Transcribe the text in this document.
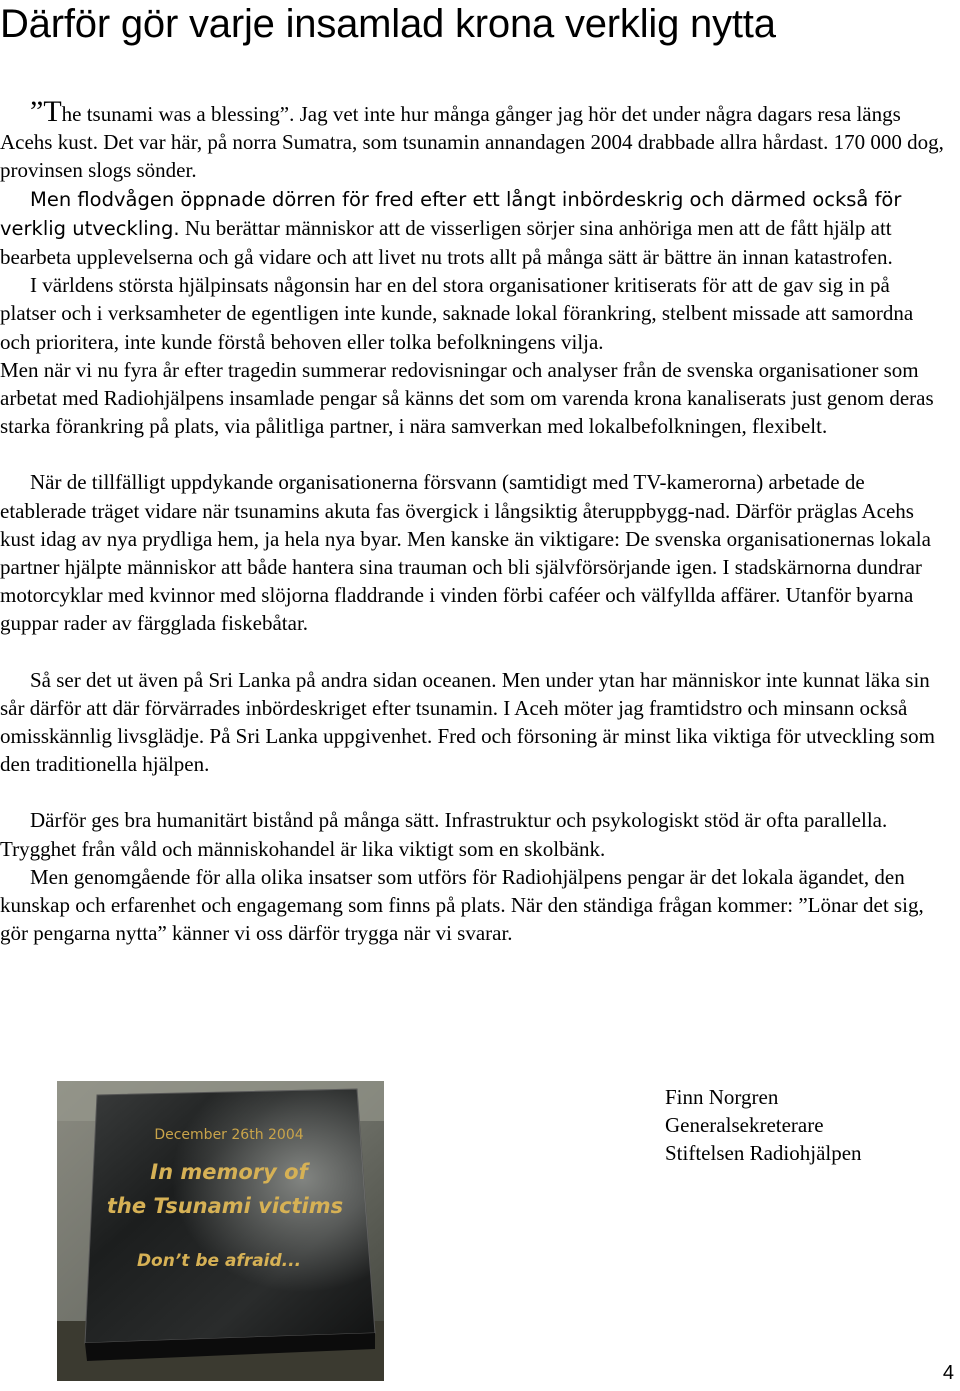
Därför gör varje insamlad krona verklig nytta

”The tsunami was a blessing”. Jag vet inte hur många gånger jag hör det under några dagars resa längs Acehs kust. Det var här, på norra Sumatra, som tsunamin annandagen 2004 drabbade allra hårdast. 170 000 dog, provinsen slogs sönder.

Men flodvågen öppnade dörren för fred efter ett långt inbördeskrig och därmed också för verklig utveckling. Nu berättar människor att de visserligen sörjer sina anhöriga men att de fått hjälp att bearbeta upplevelserna och gå vidare och att livet nu trots allt på många sätt är bättre än innan katastrofen.

I världens största hjälpinsats någonsin har en del stora organisationer kritiserats för att de gav sig in på platser och i verksamheter de egentligen inte kunde, saknade lokal förankring, stelbent missade att samordna och prioritera, inte kunde förstå behoven eller tolka befolkningens vilja.

Men när vi nu fyra år efter tragedin summerar redovisningar och analyser från de svenska organisationer som arbetat med Radiohjälpens insamlade pengar så känns det som om varenda krona kanaliserats just genom deras starka förankring på plats, via pålitliga partner, i nära samverkan med lokalbefolkningen, flexibelt.

När de tillfälligt uppdykande organisationerna försvann (samtidigt med TV-kamerorna) arbetade de etablerade träget vidare när tsunamins akuta fas övergick i långsiktig återuppbygg-nad. Därför präglas Acehs kust idag av nya prydliga hem, ja hela nya byar. Men kanske än viktigare: De svenska organisationernas lokala partner hjälpte människor att både hantera sina trauman och bli självförsörjande igen. I stadskärnorna dundrar motorcyklar med kvinnor med slöjorna fladdrande i vinden förbi caféer och välfyllda affärer. Utanför byarna guppar rader av färgglada fiskebåtar.

Så ser det ut även på Sri Lanka på andra sidan oceanen. Men under ytan har människor inte kunnat läka sin sår därför att där förvärrades inbördeskriget efter tsunamin. I Aceh möter jag framtidstro och minsann också omisskännlig livsglädje. På Sri Lanka uppgivenhet. Fred och försoning är minst lika viktiga för utveckling som den traditionella hjälpen.

Därför ges bra humanitärt bistånd på många sätt. Infrastruktur och psykologiskt stöd är ofta parallella. Trygghet från våld och människohandel är lika viktigt som en skolbänk.

Men genomgående för alla olika insatser som utförs för Radiohjälpens pengar är det lokala ägandet, den kunskap och erfarenhet och engagemang som finns på plats. När den ständiga frågan kommer: ”Lönar det sig, gör pengarna nytta” känner vi oss därför trygga när vi svarar.

December 26th 2004
In memory of
the Tsunami victims
Don’t be afraid...
Finn Norgren
Generalsekreterare
Stiftelsen Radiohjälpen
4
